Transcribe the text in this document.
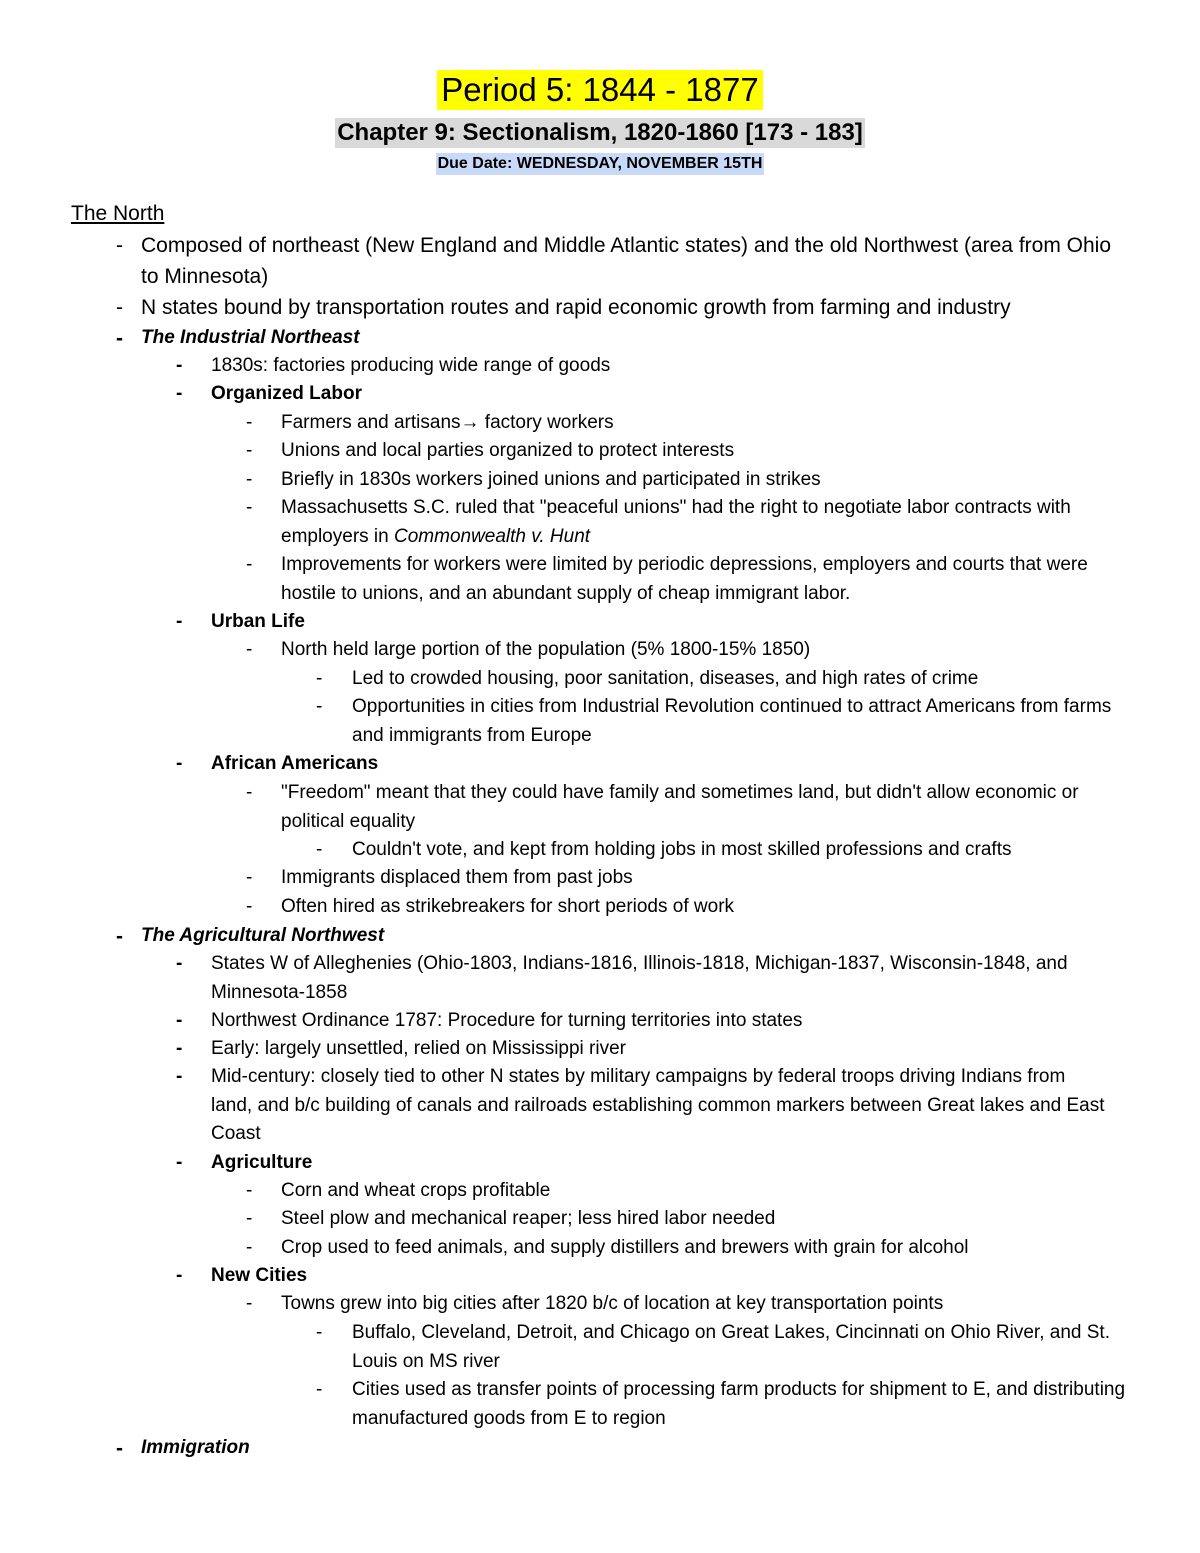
Period 5: 1844 - 1877
Chapter 9: Sectionalism, 1820-1860 [173 - 183]
Due Date: WEDNESDAY, NOVEMBER 15TH
The North
- Composed of northeast (New England and Middle Atlantic states) and the old Northwest (area from Ohio to Minnesota)
- N states bound by transportation routes and rapid economic growth from farming and industry
- The Industrial Northeast
-	1830s: factories producing wide range of goods
-	Organized Labor
-	Farmers and artisans→ factory workers
-	Unions and local parties organized to protect interests
-	Briefly in 1830s workers joined unions and participated in strikes
-	Massachusetts S.C. ruled that "peaceful unions" had the right to negotiate labor contracts with employers in Commonwealth v. Hunt
-	Improvements for workers were limited by periodic depressions, employers and courts that were hostile to unions, and an abundant supply of cheap immigrant labor.
-	Urban Life
-	North held large portion of the population (5% 1800-15% 1850)
-	Led to crowded housing, poor sanitation, diseases, and high rates of crime
-	Opportunities in cities from Industrial Revolution continued to attract Americans from farms and immigrants from Europe
-	African Americans
-	"Freedom" meant that they could have family and sometimes land, but didn't allow economic or political equality
-	Couldn't vote, and kept from holding jobs in most skilled professions and crafts
-	Immigrants displaced them from past jobs
-	Often hired as strikebreakers for short periods of work
- The Agricultural Northwest
-	States W of Alleghenies (Ohio-1803, Indians-1816, Illinois-1818, Michigan-1837, Wisconsin-1848, and Minnesota-1858
-	Northwest Ordinance 1787: Procedure for turning territories into states
-	Early: largely unsettled, relied on Mississippi river
-	Mid-century: closely tied to other N states by military campaigns by federal troops driving Indians from land, and b/c building of canals and railroads establishing common markers between Great lakes and East Coast
-	Agriculture
-	Corn and wheat crops profitable
-	Steel plow and mechanical reaper; less hired labor needed
-	Crop used to feed animals, and supply distillers and brewers with grain for alcohol
-	New Cities
-	Towns grew into big cities after 1820 b/c of location at key transportation points
-	Buffalo, Cleveland, Detroit, and Chicago on Great Lakes, Cincinnati on Ohio River, and St. Louis on MS river
-	Cities used as transfer points of processing farm products for shipment to E, and distributing manufactured goods from E to region
- Immigration
